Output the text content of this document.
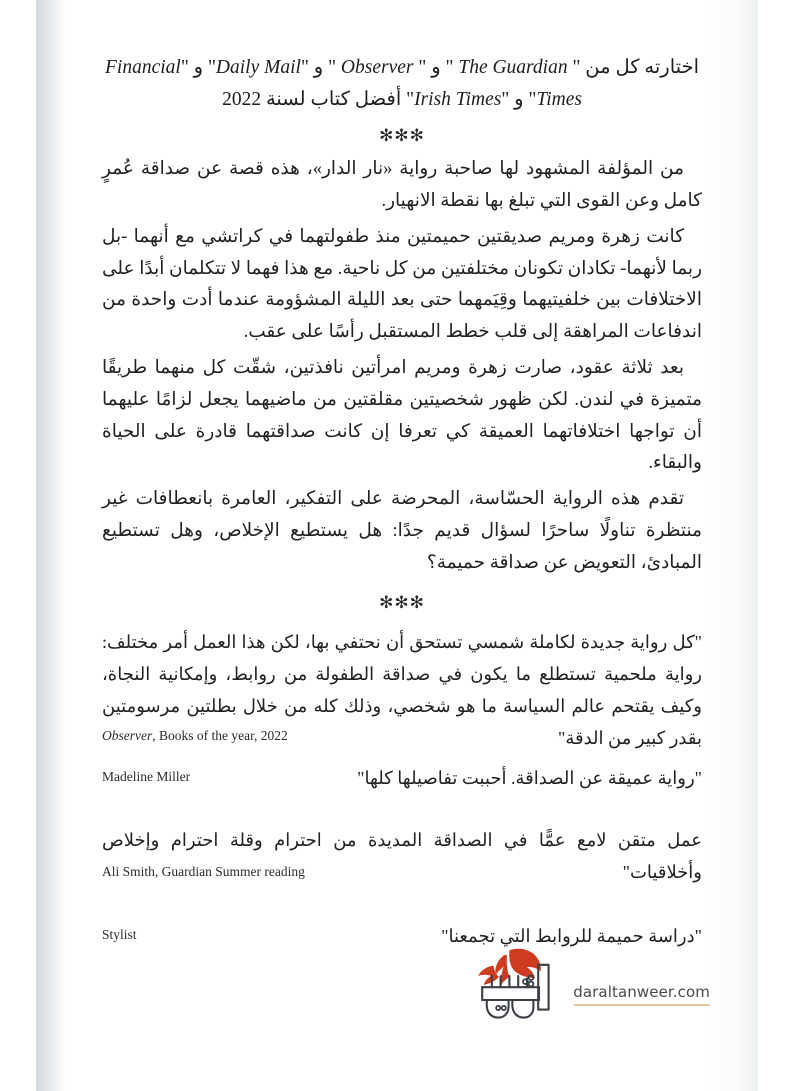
اختارته كل من " The Guardian " و " Observer " و "Daily Mail" و "Financial Times" و "Irish Times" أفضل كتاب لسنة 2022
✻✻✻

من المؤلفة المشهود لها صاحبة رواية «نار الدار»، هذه قصة عن صداقة عُمرٍ كامل وعن القوى التي تبلغ بها نقطة الانهيار.

كانت زهرة ومريم صديقتين حميمتين منذ طفولتهما في كراتشي مع أنهما -بل ربما لأنهما- تكادان تكونان مختلفتين من كل ناحية. مع هذا فهما لا تتكلمان أبدًا على الاختلافات بين خلفيتيهما وقِيَمهما حتى بعد الليلة المشؤومة عندما أدت واحدة من اندفاعات المراهقة إلى قلب خطط المستقبل رأسًا على عقب.

بعد ثلاثة عقود، صارت زهرة ومريم امرأتين نافذتين، شقّت كل منهما طريقًا متميزة في لندن. لكن ظهور شخصيتين مقلقتين من ماضيهما يجعل لزامًا عليهما أن تواجها اختلافاتهما العميقة كي تعرفا إن كانت صداقتهما قادرة على الحياة والبقاء.

تقدم هذه الرواية الحسّاسة، المحرضة على التفكير، العامرة بانعطافات غير منتظرة تناولًا ساحرًا لسؤال قديم جدًا: هل يستطيع الإخلاص، وهل تستطيع المبادئ، التعويض عن صداقة حميمة؟

✻✻✻

"كل رواية جديدة لكاملة شمسي تستحق أن نحتفي بها، لكن هذا العمل أمر مختلف: رواية ملحمية تستطلع ما يكون في صداقة الطفولة من روابط، وإمكانية النجاة، وكيف يقتحم عالم السياسة ما هو شخصي، وذلك كله من خلال بطلتين مرسومتين بقدر كبير من الدقة"

Observer, Books of the year, 2022

"رواية عميقة عن الصداقة. أحببت تفاصيلها كلها"

Madeline Miller

عمل متقن لامع عمًّا في الصداقة المديدة من احترام وقلة احترام وإخلاص وأخلاقيات"

Ali Smith, Guardian Summer reading

"دراسة حميمة للروابط التي تجمعنا"

Stylist
daraltanweer.com
